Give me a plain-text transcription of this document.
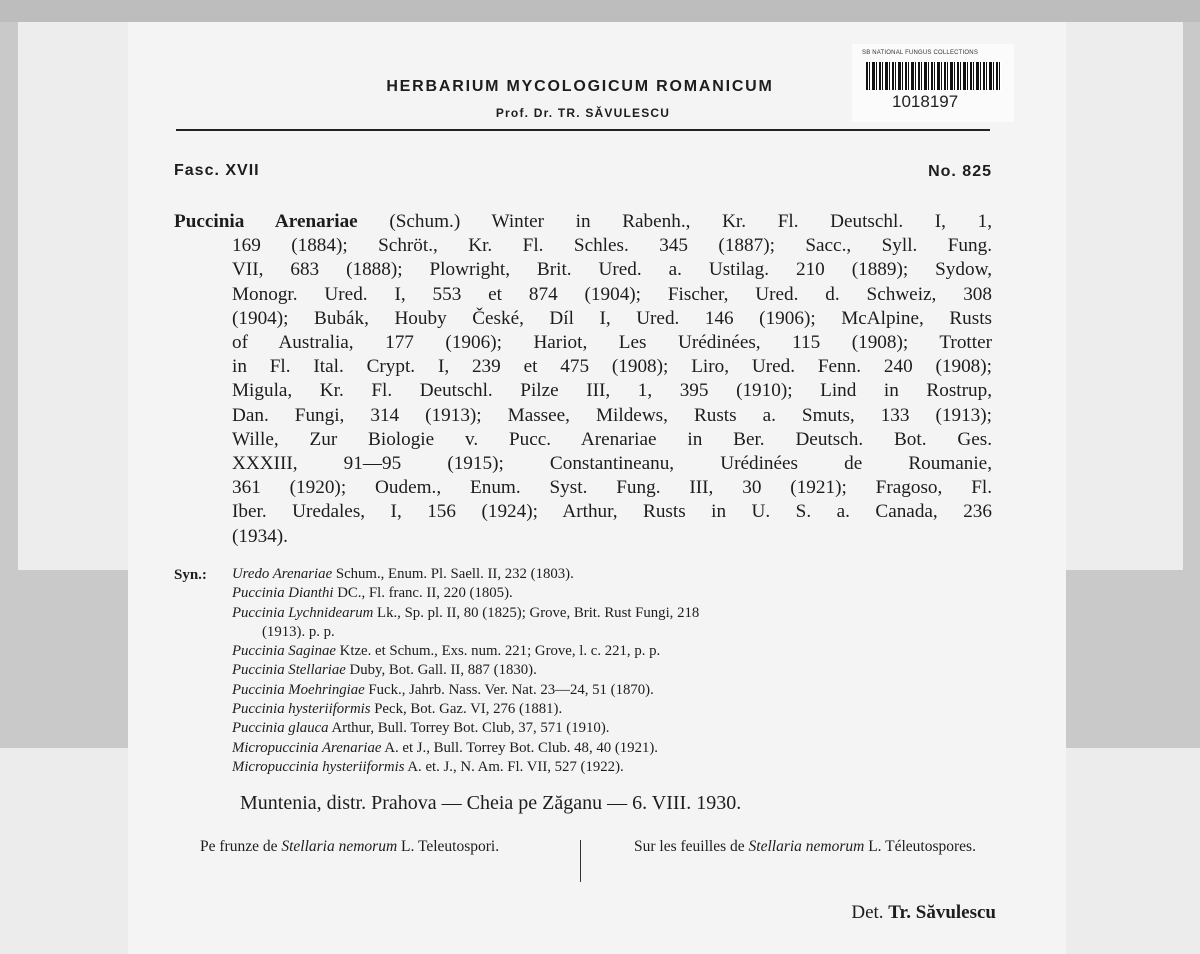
SB NATIONAL FUNGUS COLLECTIONS
1018197
HERBARIUM MYCOLOGICUM ROMANICUM
Prof. Dr. TR. SĂVULESCU
Fasc. XVII	No. 825
Puccinia Arenariae (Schum.) Winter in Rabenh., Kr. Fl. Deutschl. I, 1,
169 (1884); Schröt., Kr. Fl. Schles. 345 (1887); Sacc., Syll. Fung.
VII, 683 (1888); Plowright, Brit. Ured. a. Ustilag. 210 (1889); Sydow,
Monogr. Ured. I, 553 et 874 (1904); Fischer, Ured. d. Schweiz, 308
(1904); Bubák, Houby České, Díl I, Ured. 146 (1906); McAlpine, Rusts
of Australia, 177 (1906); Hariot, Les Urédinées, 115 (1908); Trotter
in Fl. Ital. Crypt. I, 239 et 475 (1908); Liro, Ured. Fenn. 240 (1908);
Migula, Kr. Fl. Deutschl. Pilze III, 1, 395 (1910); Lind in Rostrup,
Dan. Fungi, 314 (1913); Massee, Mildews, Rusts a. Smuts, 133 (1913);
Wille, Zur Biologie v. Pucc. Arenariae in Ber. Deutsch. Bot. Ges.
XXXIII, 91—95 (1915); Constantineanu, Urédinées de Roumanie,
361 (1920); Oudem., Enum. Syst. Fung. III, 30 (1921); Fragoso, Fl.
Iber. Uredales, I, 156 (1924); Arthur, Rusts in U. S. a. Canada, 236
(1934).
Syn.: Uredo Arenariae Schum., Enum. Pl. Saell. II, 232 (1803).
Puccinia Dianthi DC., Fl. franc. II, 220 (1805).
Puccinia Lychnidearum Lk., Sp. pl. II, 80 (1825); Grove, Brit. Rust Fungi, 218
(1913). p. p.
Puccinia Saginae Ktze. et Schum., Exs. num. 221; Grove, l. c. 221, p. p.
Puccinia Stellariae Duby, Bot. Gall. II, 887 (1830).
Puccinia Moehringiae Fuck., Jahrb. Nass. Ver. Nat. 23—24, 51 (1870).
Puccinia hysteriiformis Peck, Bot. Gaz. VI, 276 (1881).
Puccinia glauca Arthur, Bull. Torrey Bot. Club, 37, 571 (1910).
Micropuccinia Arenariae A. et J., Bull. Torrey Bot. Club. 48, 40 (1921).
Micropuccinia hysteriiformis A. et. J., N. Am. Fl. VII, 527 (1922).
Muntenia, distr. Prahova — Cheia pe Zăganu — 6. VIII. 1930.
Pe frunze de Stellaria nemorum L. Teleutospori.	Sur les feuilles de Stellaria nemorum L. Téleutospores.
Det. Tr. Săvulescu
